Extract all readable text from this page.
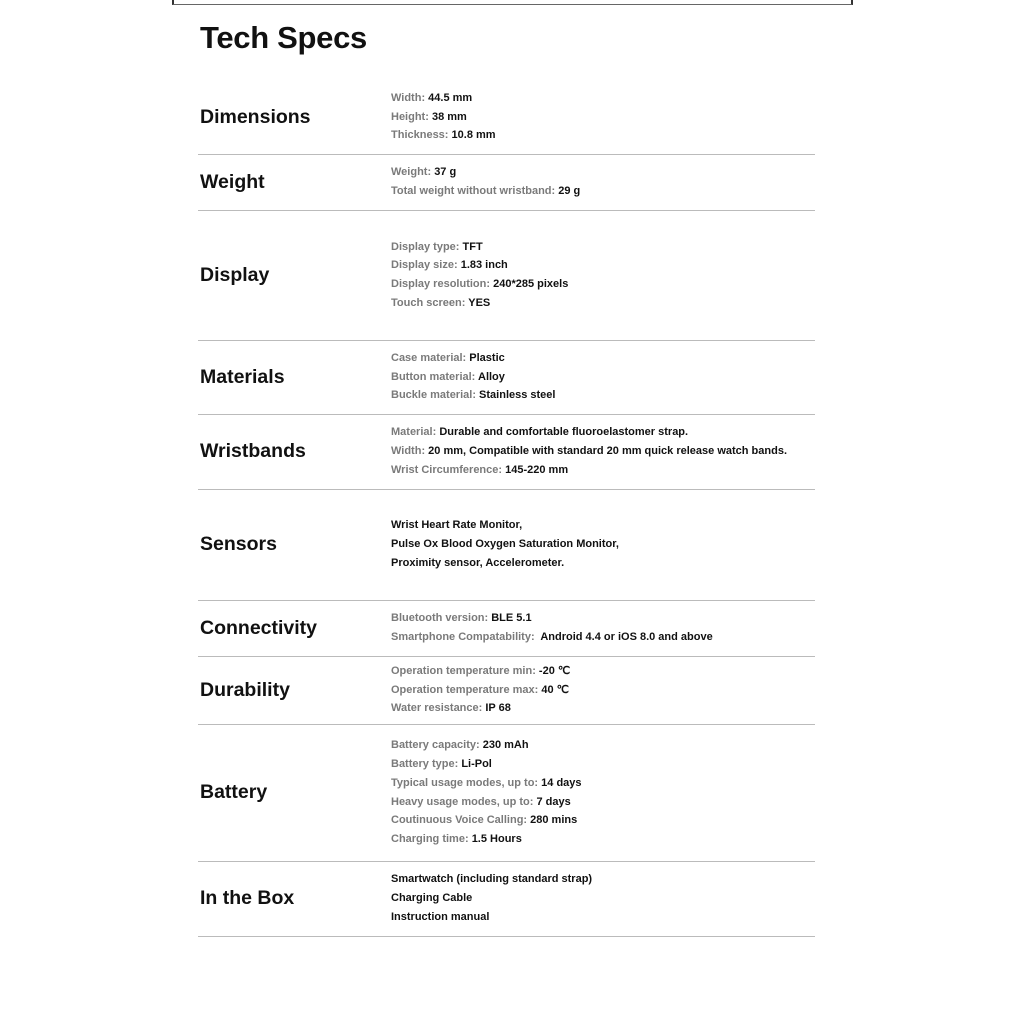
Tech Specs
Dimensions
Width: 44.5 mm
Height: 38 mm
Thickness: 10.8 mm
Weight	Weight: 37 g
Total weight without wristband: 29 g
Display
Display type: TFT
Display size: 1.83 inch
Display resolution: 240*285 pixels
Touch screen: YES
Materials
Case material: Plastic
Button material: Alloy
Buckle material: Stainless steel
Wristbands
Material: Durable and comfortable fluoroelastomer strap.
Width: 20 mm, Compatible with standard 20 mm quick release watch bands.
Wrist Circumference: 145-220 mm
Sensors
Wrist Heart Rate Monitor,
Pulse Ox Blood Oxygen Saturation Monitor,
Proximity sensor, Accelerometer.
Connectivity	Bluetooth version: BLE 5.1
Smartphone Compatability:  Android 4.4 or iOS 8.0 and above
Durability
Operation temperature min: -20 ℃
Operation temperature max: 40 ℃
Water resistance: IP 68
Battery
Battery capacity: 230 mAh
Battery type: Li-Pol
Typical usage modes, up to: 14 days
Heavy usage modes, up to: 7 days
Coutinuous Voice Calling: 280 mins
Charging time: 1.5 Hours
In the Box
Smartwatch (including standard strap)
Charging Cable
Instruction manual
